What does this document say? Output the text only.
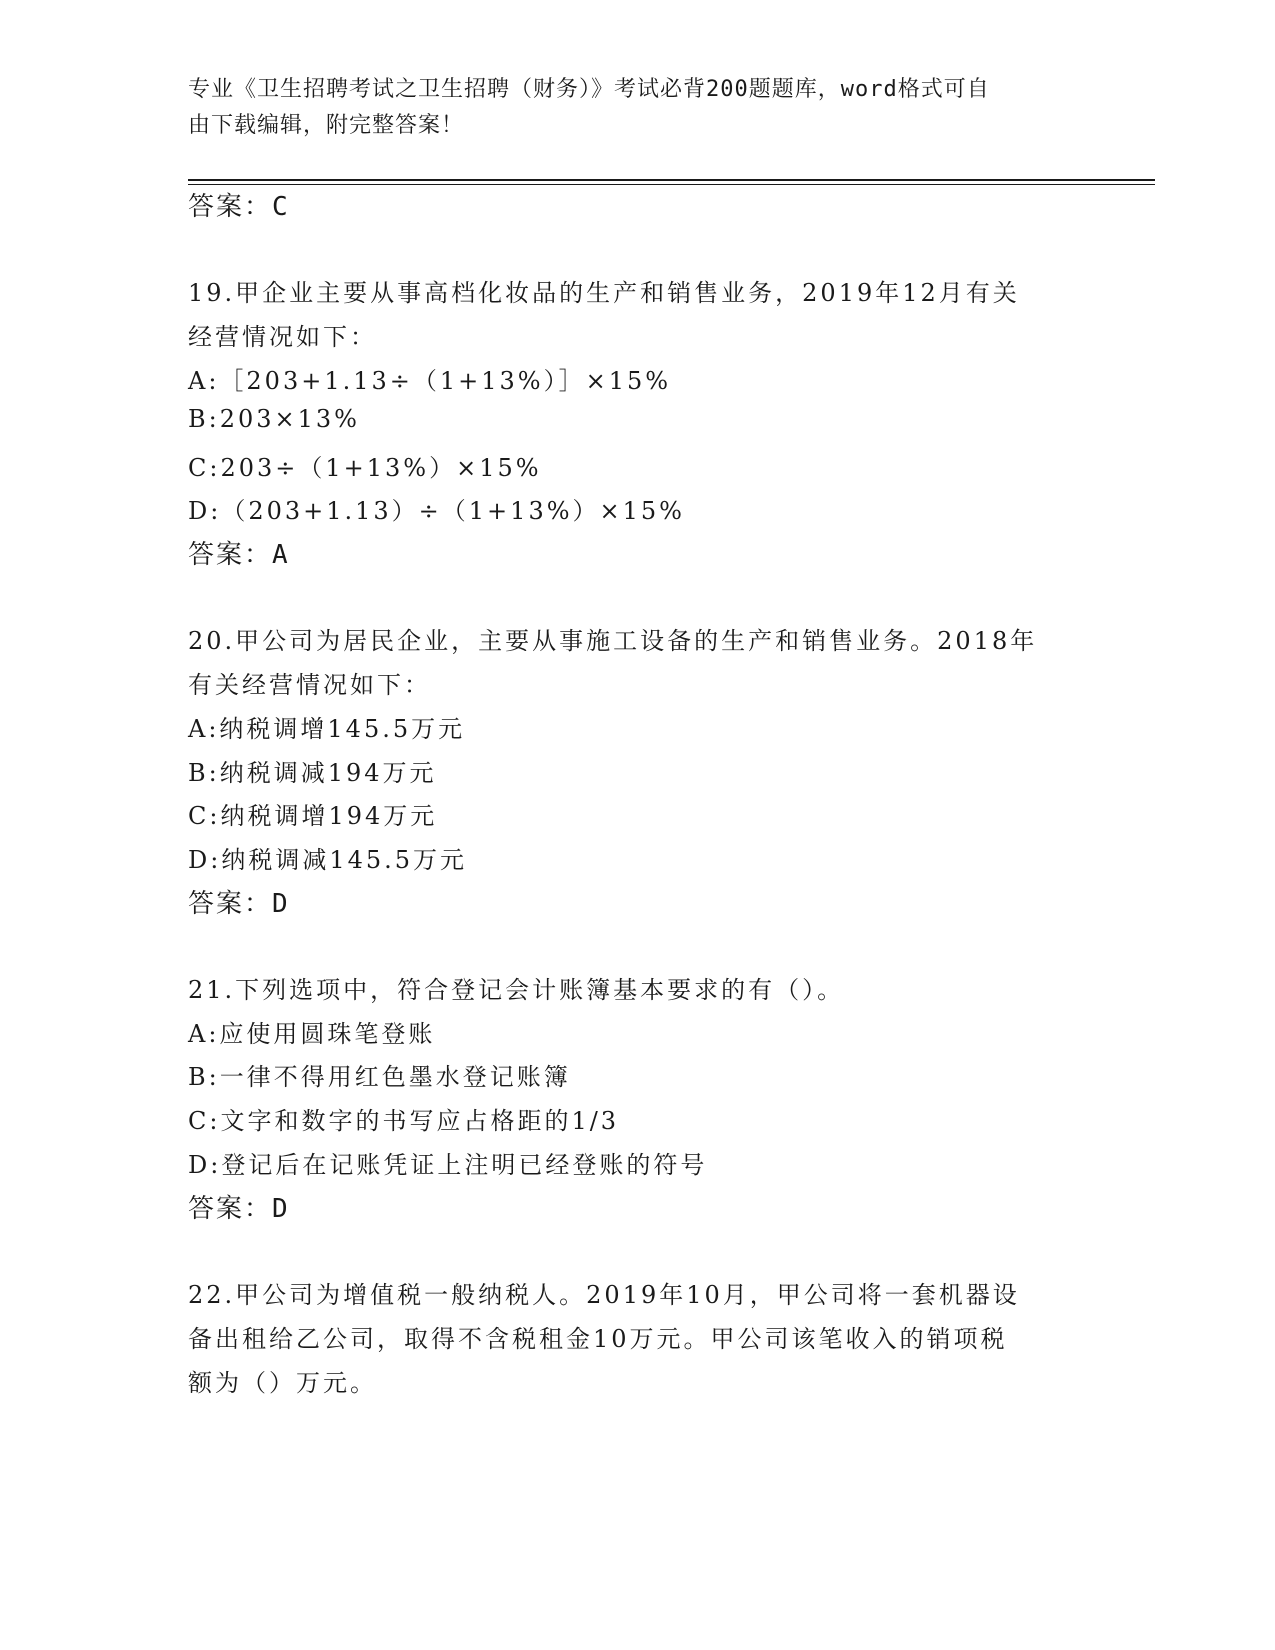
专业《卫生招聘考试之卫生招聘（财务）》考试必背200题题库，word格式可自
由下载编辑，附完整答案！
答案：C
19.甲企业主要从事高档化妆品的生产和销售业务，2019年12月有关
经营情况如下：
A:［203+1.13÷（1+13%）］×15%
B:203×13%
C:203÷（1+13%）×15%
D:（203+1.13）÷（1+13%）×15%
答案：A
20.甲公司为居民企业，主要从事施工设备的生产和销售业务。2018年
有关经营情况如下：
A:纳税调增145.5万元
B:纳税调减194万元
C:纳税调增194万元
D:纳税调减145.5万元
答案：D
21.下列选项中，符合登记会计账簿基本要求的有（）。
A:应使用圆珠笔登账
B:一律不得用红色墨水登记账簿
C:文字和数字的书写应占格距的1/3
D:登记后在记账凭证上注明已经登账的符号
答案：D
22.甲公司为增值税一般纳税人。2019年10月，甲公司将一套机器设
备出租给乙公司，取得不含税租金10万元。甲公司该笔收入的销项税
额为（）万元。
